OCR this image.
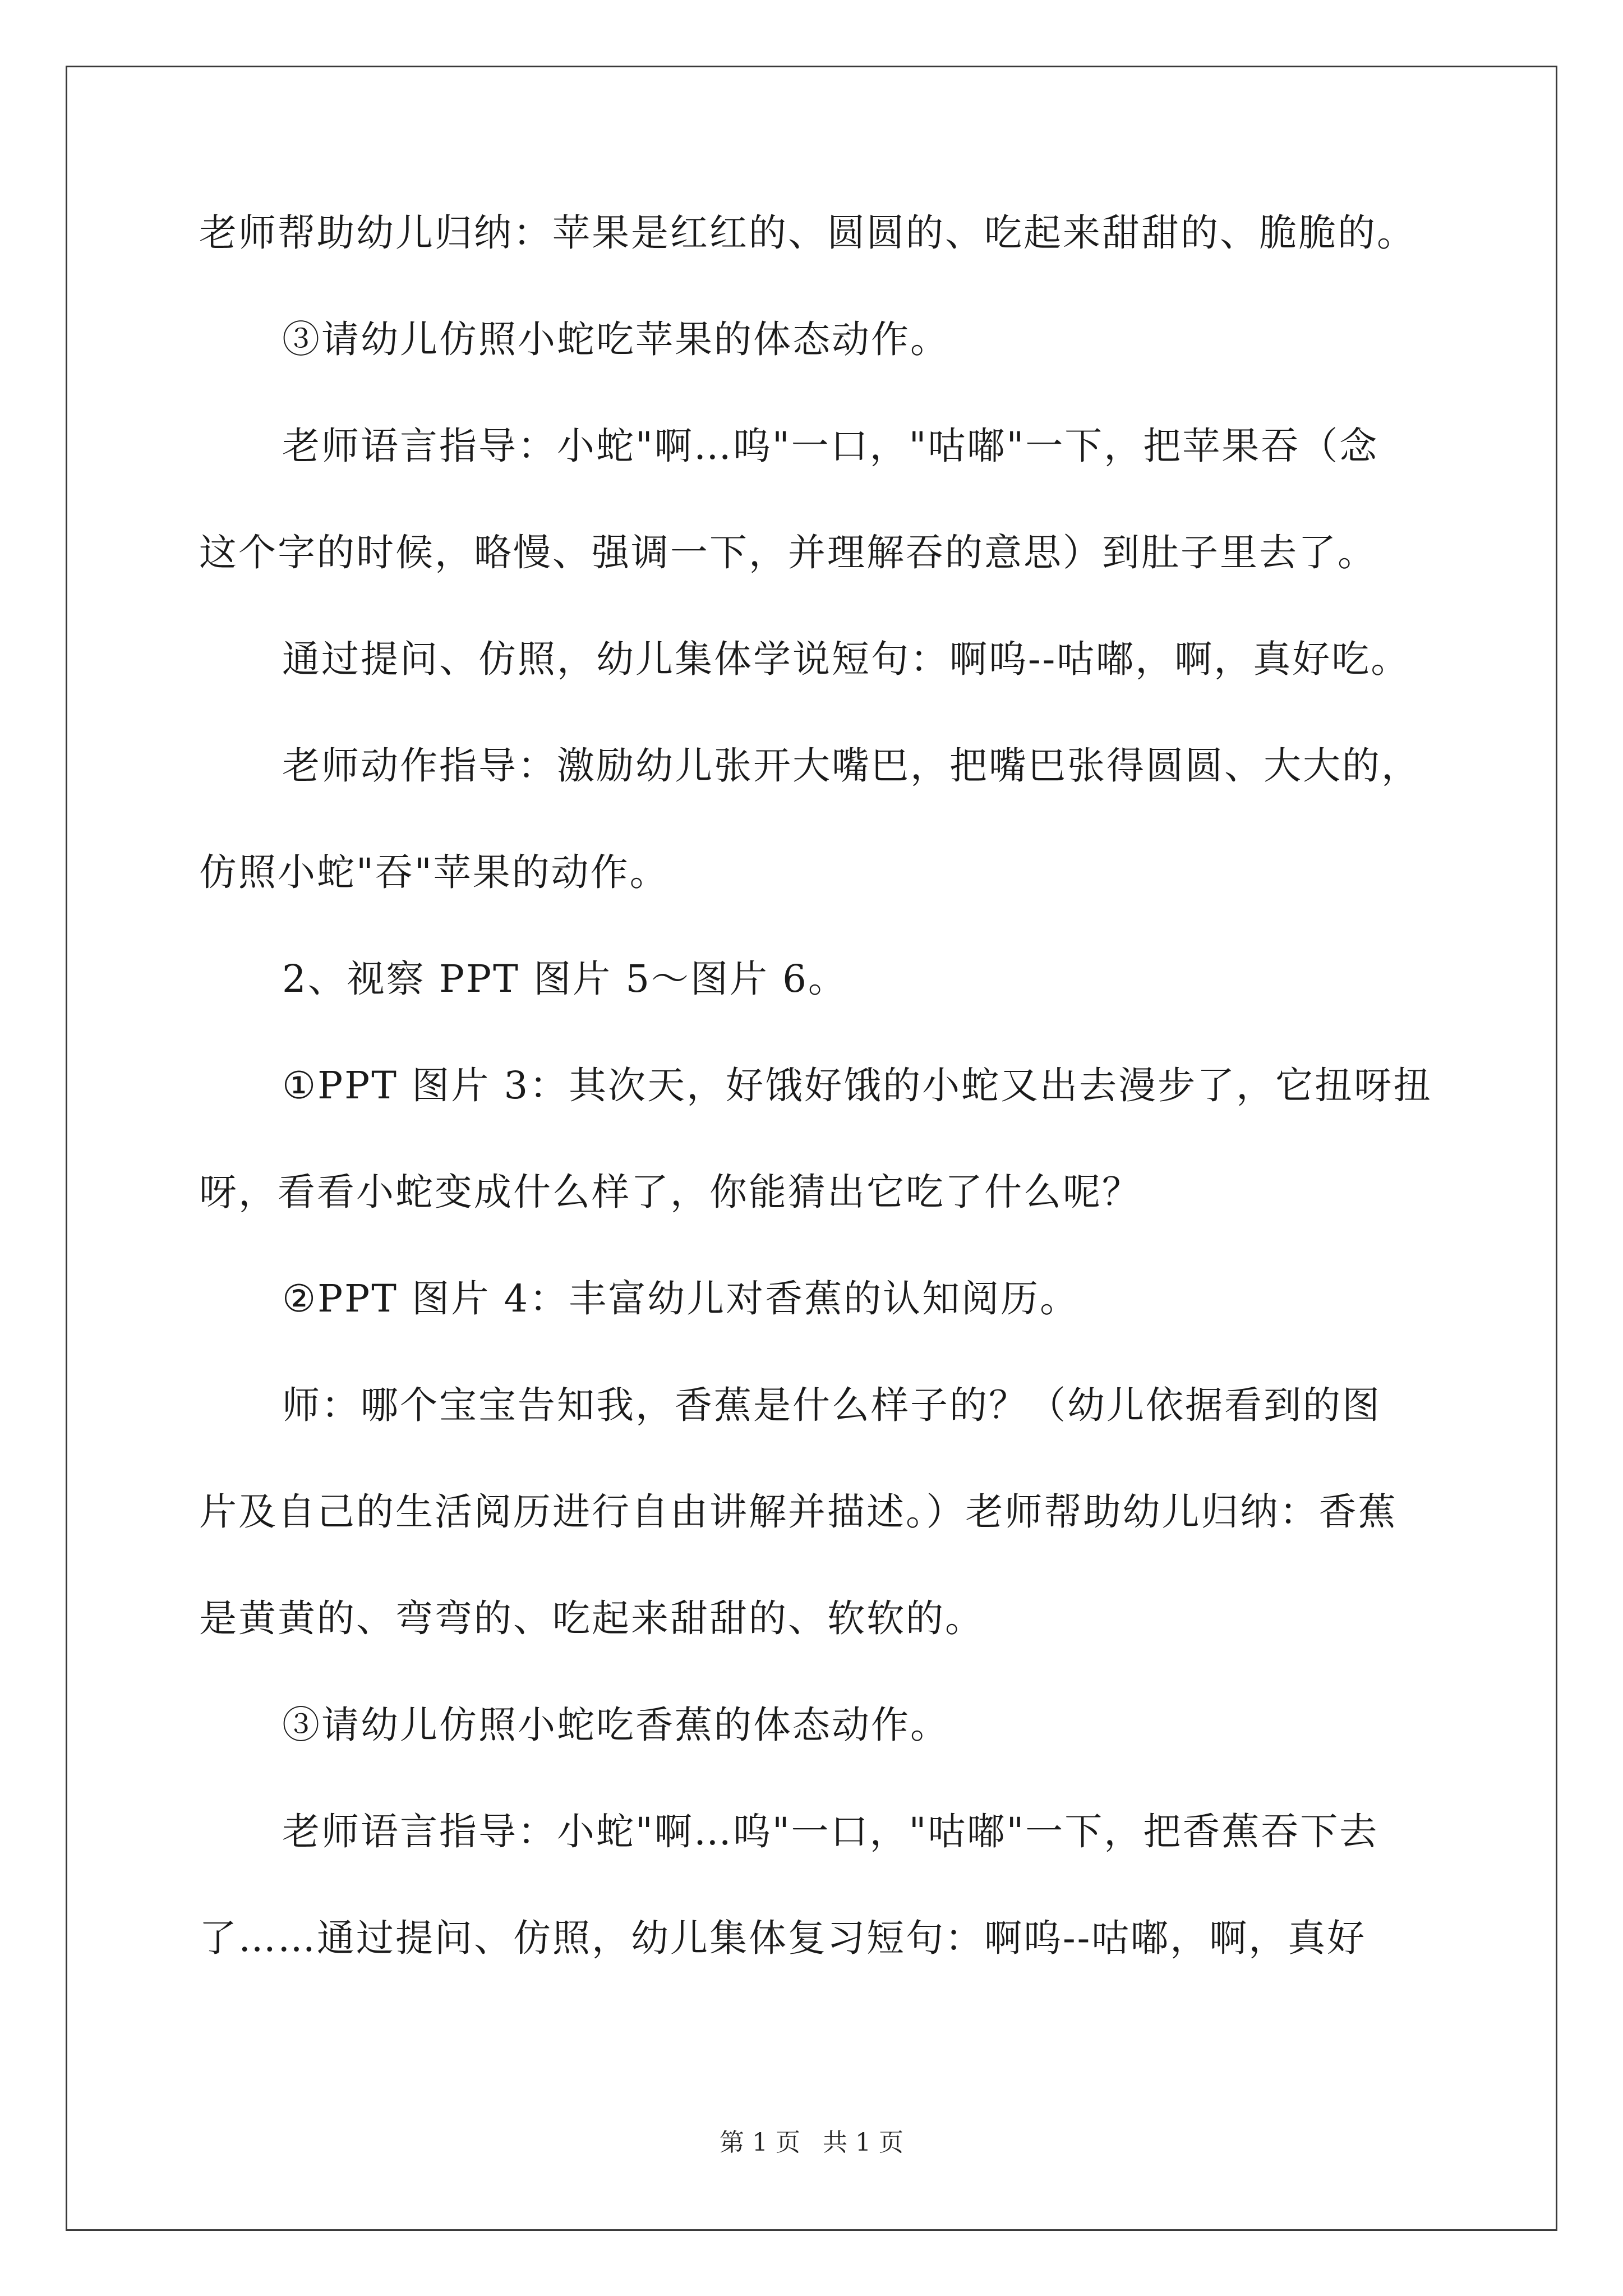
老师帮助幼儿归纳：苹果是红红的、圆圆的、吃起来甜甜的、脆脆的。
③请幼儿仿照小蛇吃苹果的体态动作。
老师语言指导：小蛇"啊…呜"一口，"咕嘟"一下，把苹果吞（念
这个字的时候，略慢、强调一下，并理解吞的意思）到肚子里去了。
通过提问、仿照，幼儿集体学说短句：啊呜--咕嘟，啊，真好吃。
老师动作指导：激励幼儿张开大嘴巴，把嘴巴张得圆圆、大大的，
仿照小蛇"吞"苹果的动作。
2、视察 PPT 图片 5～图片 6。
①PPT 图片 3：其次天，好饿好饿的小蛇又出去漫步了，它扭呀扭
呀，看看小蛇变成什么样了，你能猜出它吃了什么呢？
②PPT 图片 4：丰富幼儿对香蕉的认知阅历。
师：哪个宝宝告知我，香蕉是什么样子的？（幼儿依据看到的图
片及自己的生活阅历进行自由讲解并描述。）老师帮助幼儿归纳：香蕉
是黄黄的、弯弯的、吃起来甜甜的、软软的。
③请幼儿仿照小蛇吃香蕉的体态动作。
老师语言指导：小蛇"啊…呜"一口，"咕嘟"一下，把香蕉吞下去
了……通过提问、仿照，幼儿集体复习短句：啊呜--咕嘟，啊，真好
第 1 页 共 1 页
